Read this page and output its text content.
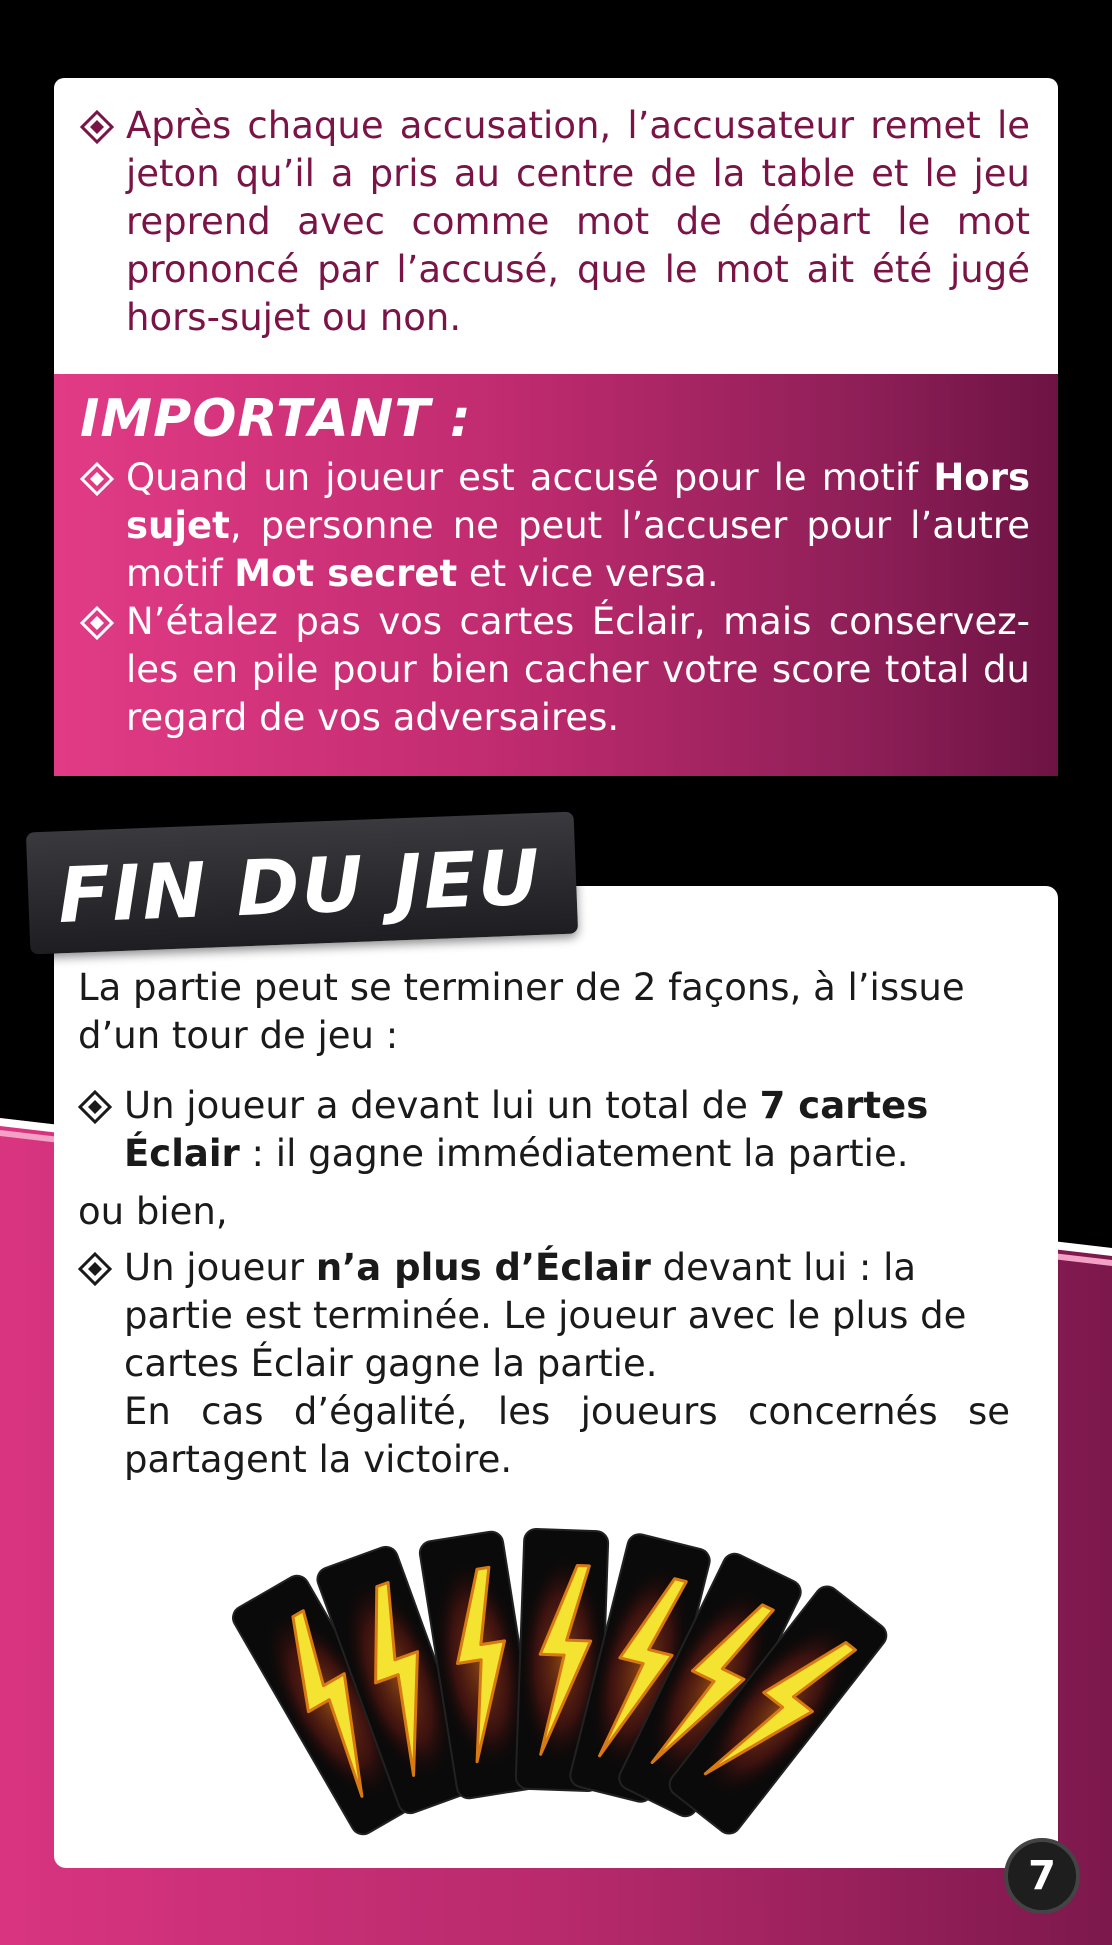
Après chaque accusation, l’accusateur remet le jeton qu’il a pris au centre de la table et le jeu reprend avec comme mot de départ le mot prononcé par l’accusé, que le mot ait été jugé hors-sujet ou non.
IMPORTANT :
Quand un joueur est accusé pour le motif Hors sujet, personne ne peut l’accuser pour l’autre motif Mot secret et vice versa.
N’étalez pas vos cartes Éclair, mais conservez-les en pile pour bien cacher votre score total du regard de vos adversaires.
La partie peut se terminer de 2 façons, à l’issue d’un tour de jeu :
Un joueur a devant lui un total de 7 cartes Éclair : il gagne immédiatement la partie.
ou bien,
Un joueur n’a plus d’Éclair devant lui : la partie est terminée. Le joueur avec le plus de cartes Éclair gagne la partie.
En cas d’égalité, les joueurs concernés se partagent la victoire.
FIN DU JEU
7
